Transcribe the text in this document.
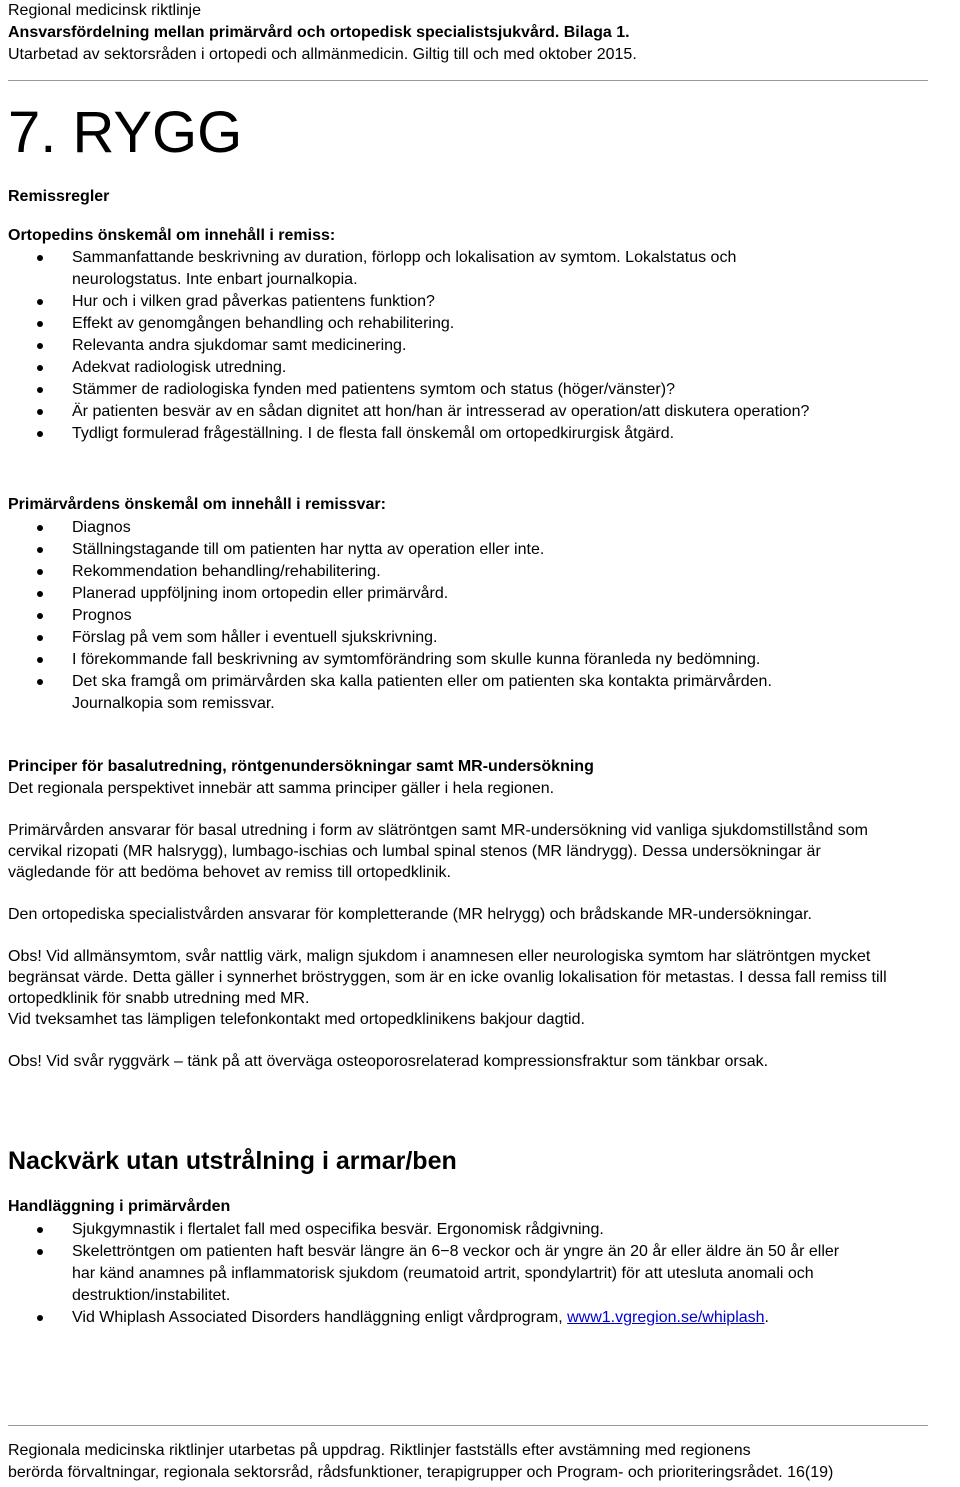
Regional medicinsk riktlinje
Ansvarsfördelning mellan primärvård och ortopedisk specialistsjukvård. Bilaga 1.
Utarbetad av sektorsråden i ortopedi och allmänmedicin. Giltig till och med oktober 2015.
7. RYGG
Remissregler
Ortopedins önskemål om innehåll i remiss:
Sammanfattande beskrivning av duration, förlopp och lokalisation av symtom. Lokalstatus och neurologstatus. Inte enbart journalkopia.
Hur och i vilken grad påverkas patientens funktion?
Effekt av genomgången behandling och rehabilitering.
Relevanta andra sjukdomar samt medicinering.
Adekvat radiologisk utredning.
Stämmer de radiologiska fynden med patientens symtom och status (höger/vänster)?
Är patienten besvär av en sådan dignitet att hon/han är intresserad av operation/att diskutera operation?
Tydligt formulerad frågeställning. I de flesta fall önskemål om ortopedkirurgisk åtgärd.
Primärvårdens önskemål om innehåll i remissvar:
Diagnos
Ställningstagande till om patienten har nytta av operation eller inte.
Rekommendation behandling/rehabilitering.
Planerad uppföljning inom ortopedin eller primärvård.
Prognos
Förslag på vem som håller i eventuell sjukskrivning.
I förekommande fall beskrivning av symtomförändring som skulle kunna föranleda ny bedömning.
Det ska framgå om primärvården ska kalla patienten eller om patienten ska kontakta primärvården. Journalkopia som remissvar.
Principer för basalutredning, röntgenundersökningar samt MR-undersökning

Det regionala perspektivet innebär att samma principer gäller i hela regionen.

Primärvården ansvarar för basal utredning i form av slätröntgen samt MR-undersökning vid vanliga sjukdomstillstånd som cervikal rizopati (MR halsrygg), lumbago-ischias och lumbal spinal stenos (MR ländrygg). Dessa undersökningar är vägledande för att bedöma behovet av remiss till ortopedklinik.

Den ortopediska specialistvården ansvarar för kompletterande (MR helrygg) och brådskande MR-undersökningar.

Obs! Vid allmänsymtom, svår nattlig värk, malign sjukdom i anamnesen eller neurologiska symtom har slätröntgen mycket begränsat värde. Detta gäller i synnerhet bröstryggen, som är en icke ovanlig lokalisation för metastas. I dessa fall remiss till ortopedklinik för snabb utredning med MR.

Vid tveksamhet tas lämpligen telefonkontakt med ortopedklinikens bakjour dagtid.

Obs! Vid svår ryggvärk – tänk på att överväga osteoporosrelaterad kompressionsfraktur som tänkbar orsak.

Nackvärk utan utstrålning i armar/ben
Handläggning i primärvården
Sjukgymnastik i flertalet fall med ospecifika besvär. Ergonomisk rådgivning.
Skelettröntgen om patienten haft besvär längre än 6−8 veckor och är yngre än 20 år eller äldre än 50 år eller har känd anamnes på inflammatorisk sjukdom (reumatoid artrit, spondylartrit) för att utesluta anomali och destruktion/instabilitet.
Vid Whiplash Associated Disorders handläggning enligt vårdprogram, www1.vgregion.se/whiplash.
Regionala medicinska riktlinjer utarbetas på uppdrag. Riktlinjer fastställs efter avstämning med regionens
berörda förvaltningar, regionala sektorsråd, rådsfunktioner, terapigrupper och Program- och prioriteringsrådet. 16(19)
